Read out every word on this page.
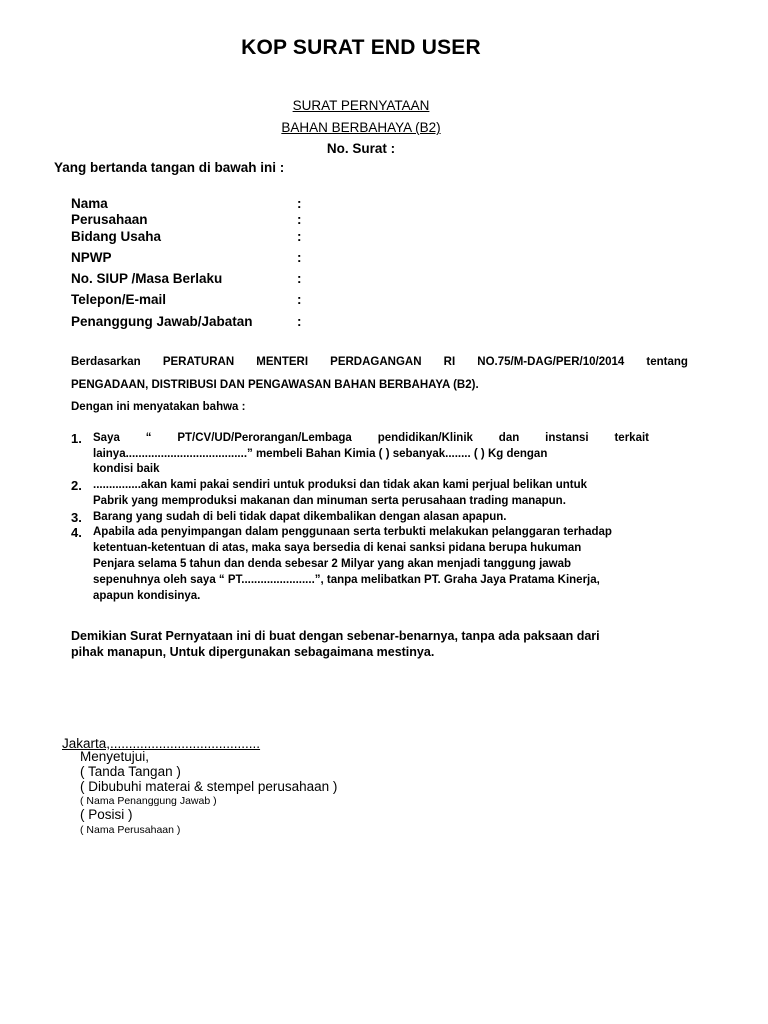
KOP SURAT END USER
SURAT PERNYATAAN
BAHAN BERBAHAYA (B2)
No. Surat :
Yang bertanda tangan di bawah ini :
Nama	:
Perusahaan	:
Bidang Usaha	:
NPWP	:
No. SIUP /Masa Berlaku	:
Telepon/E-mail	:
Penanggung Jawab/Jabatan	:
Berdasarkan PERATURAN MENTERI PERDAGANGAN RI NO.75/M-DAG/PER/10/2014 tentang
PENGADAAN, DISTRIBUSI DAN PENGAWASAN BAHAN BERBAHAYA (B2).
Dengan ini menyatakan bahwa :
1. Saya “ PT/CV/UD/Perorangan/Lembaga pendidikan/Klinik dan instansi terkait
lainya......................................” membeli Bahan Kimia ( ) sebanyak........ ( ) Kg dengan
kondisi baik
2. ...............akan kami pakai sendiri untuk produksi dan tidak akan kami perjual belikan untuk
Pabrik yang memproduksi makanan dan minuman serta perusahaan trading manapun.
3. Barang yang sudah di beli tidak dapat dikembalikan dengan alasan apapun.
4. Apabila ada penyimpangan dalam penggunaan serta terbukti melakukan pelanggaran terhadap
ketentuan-ketentuan di atas, maka saya bersedia di kenai sanksi pidana berupa hukuman
Penjara selama 5 tahun dan denda sebesar 2 Milyar yang akan menjadi tanggung jawab
sepenuhnya oleh saya “ PT.......................”, tanpa melibatkan PT. Graha Jaya Pratama Kinerja,
apapun kondisinya.
Demikian Surat Pernyataan ini di buat dengan sebenar-benarnya, tanpa ada paksaan dari
pihak manapun, Untuk dipergunakan sebagaimana mestinya.
Jakarta,........................................
Menyetujui,
( Tanda Tangan )
( Dibubuhi materai & stempel perusahaan )
( Nama Penanggung Jawab )
( Posisi )
( Nama Perusahaan )
